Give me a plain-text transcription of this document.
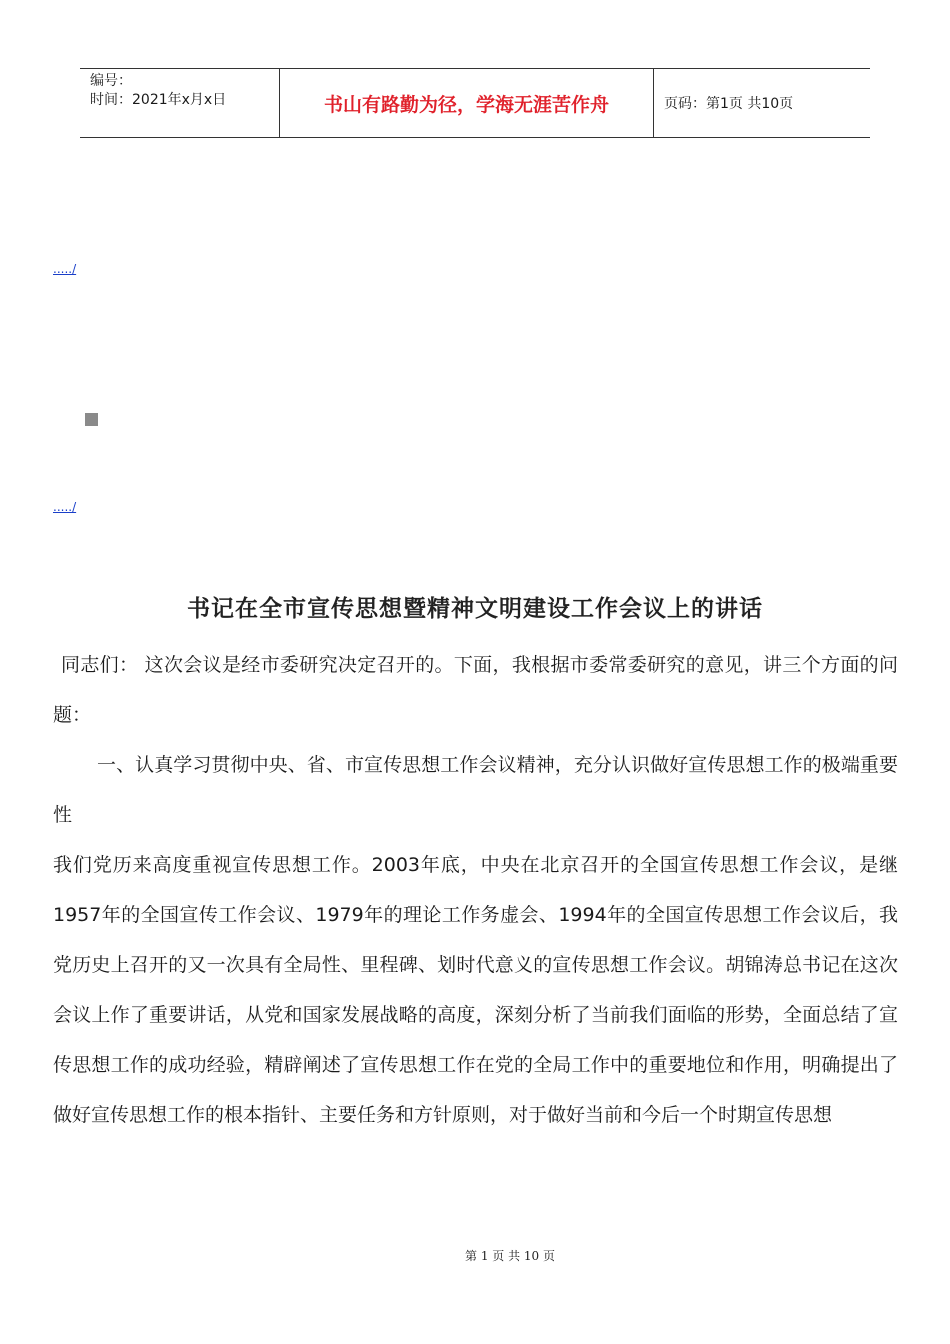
编号：
时间：2021年x月x日	书山有路勤为径，学海无涯苦作舟	页码：第1页 共10页
...../
...../
书记在全市宣传思想暨精神文明建设工作会议上的讲话

同志们： 这次会议是经市委研究决定召开的。下面，我根据市委常委研究的意见，讲三个方面的问题：

一、认真学习贯彻中央、省、市宣传思想工作会议精神，充分认识做好宣传思想工作的极端重要性

我们党历来高度重视宣传思想工作。2003年底，中央在北京召开的全国宣传思想工作会议，是继1957年的全国宣传工作会议、1979年的理论工作务虚会、1994年的全国宣传思想工作会议后，我党历史上召开的又一次具有全局性、里程碑、划时代意义的宣传思想工作会议。胡锦涛总书记在这次会议上作了重要讲话，从党和国家发展战略的高度，深刻分析了当前我们面临的形势，全面总结了宣传思想工作的成功经验，精辟阐述了宣传思想工作在党的全局工作中的重要地位和作用，明确提出了做好宣传思想工作的根本指针、主要任务和方针原则，对于做好当前和今后一个时期宣传思想

第 1 页 共 10 页
